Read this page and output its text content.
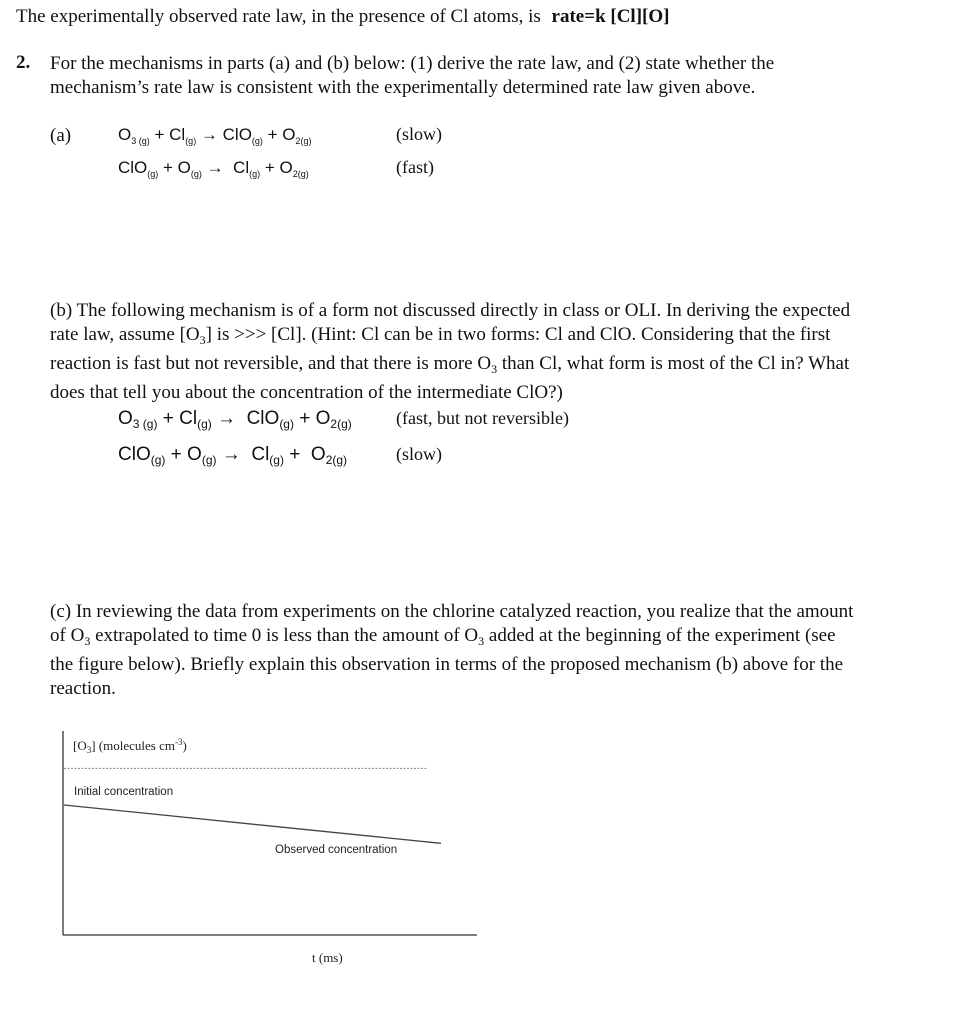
The experimentally observed rate law, in the presence of Cl atoms, is rate=k [Cl][O]
2. For the mechanisms in parts (a) and (b) below: (1) derive the rate law, and (2) state whether the
mechanism’s rate law is consistent with the experimentally determined rate law given above.
(a)	$O_{3 (g)} + Cl_{(g)} \to ClO_{(g)} + O_{2(g)}$	(slow)
$ClO_{(g)} + O_{(g)} \to Cl_{(g)} + O_{2(g)}$	(fast)
(b) The following mechanism is of a form not discussed directly in class or OLI. In deriving the expected
rate law, assume $[O_3]$ is >>> [Cl]. (Hint: Cl can be in two forms: Cl and ClO. Considering that the first
reaction is fast but not reversible, and that there is more $O_3$ than Cl, what form is most of the Cl in? What
does that tell you about the concentration of the intermediate ClO?)
$O_{3 (g)} + Cl_{(g)} \to ClO_{(g)} + O_{2(g)}$ (fast, but not reversible)
$ClO_{(g)} + O_{(g)} \to Cl_{(g)} + O_{2(g)}$	(slow)
(c) In reviewing the data from experiments on the chlorine catalyzed reaction, you realize that the amount
of $O_3$ extrapolated to time 0 is less than the amount of $O_3$ added at the beginning of the experiment (see
the figure below). Briefly explain this observation in terms of the proposed mechanism (b) above for the
reaction.
$[O_3]$ (molecules $cm^{-3}$)
t (ms)
Initial concentration
Observed concentration
